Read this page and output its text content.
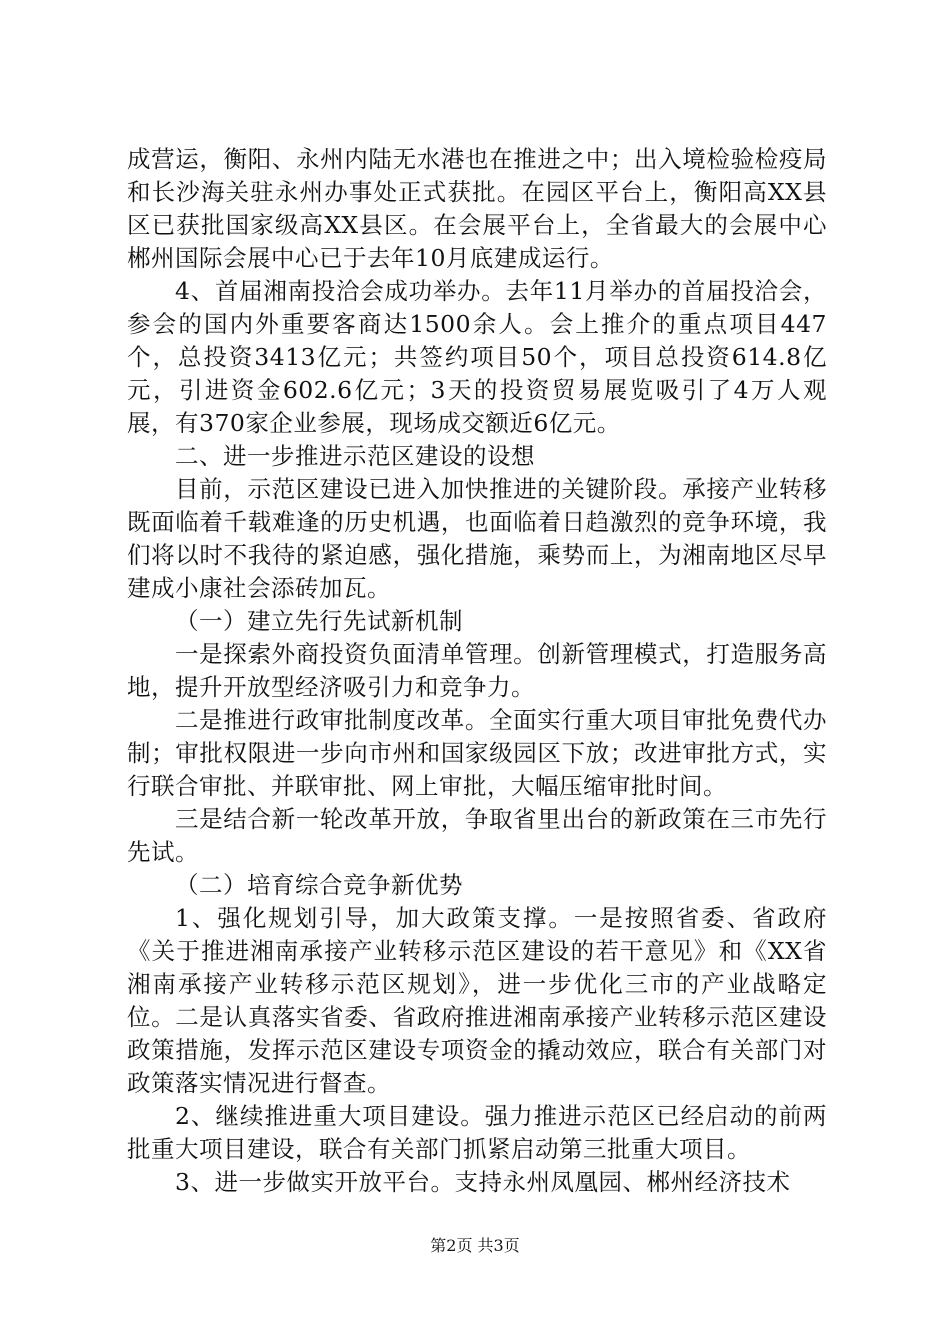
成营运，衡阳、永州内陆无水港也在推进之中；出入境检验检疫局和长沙海关驻永州办事处正式获批。在园区平台上，衡阳高XX县区已获批国家级高XX县区。在会展平台上，全省最大的会展中心郴州国际会展中心已于去年10月底建成运行。

4、首届湘南投洽会成功举办。去年11月举办的首届投洽会，参会的国内外重要客商达1500余人。会上推介的重点项目447个，总投资3413亿元；共签约项目50个，项目总投资614.8亿元，引进资金602.6亿元；3天的投资贸易展览吸引了4万人观展，有370家企业参展，现场成交额近6亿元。

二、进一步推进示范区建设的设想

目前，示范区建设已进入加快推进的关键阶段。承接产业转移既面临着千载难逢的历史机遇，也面临着日趋激烈的竞争环境，我们将以时不我待的紧迫感，强化措施，乘势而上，为湘南地区尽早建成小康社会添砖加瓦。

（一）建立先行先试新机制

一是探索外商投资负面清单管理。创新管理模式，打造服务高地，提升开放型经济吸引力和竞争力。

二是推进行政审批制度改革。全面实行重大项目审批免费代办制；审批权限进一步向市州和国家级园区下放；改进审批方式，实行联合审批、并联审批、网上审批，大幅压缩审批时间。

三是结合新一轮改革开放，争取省里出台的新政策在三市先行先试。

（二）培育综合竞争新优势

1、强化规划引导，加大政策支撑。一是按照省委、省政府《关于推进湘南承接产业转移示范区建设的若干意见》和《XX省湘南承接产业转移示范区规划》，进一步优化三市的产业战略定位。二是认真落实省委、省政府推进湘南承接产业转移示范区建设政策措施，发挥示范区建设专项资金的撬动效应，联合有关部门对政策落实情况进行督查。

2、继续推进重大项目建设。强力推进示范区已经启动的前两批重大项目建设，联合有关部门抓紧启动第三批重大项目。

3、进一步做实开放平台。支持永州凤凰园、郴州经济技术

第2页 共3页
